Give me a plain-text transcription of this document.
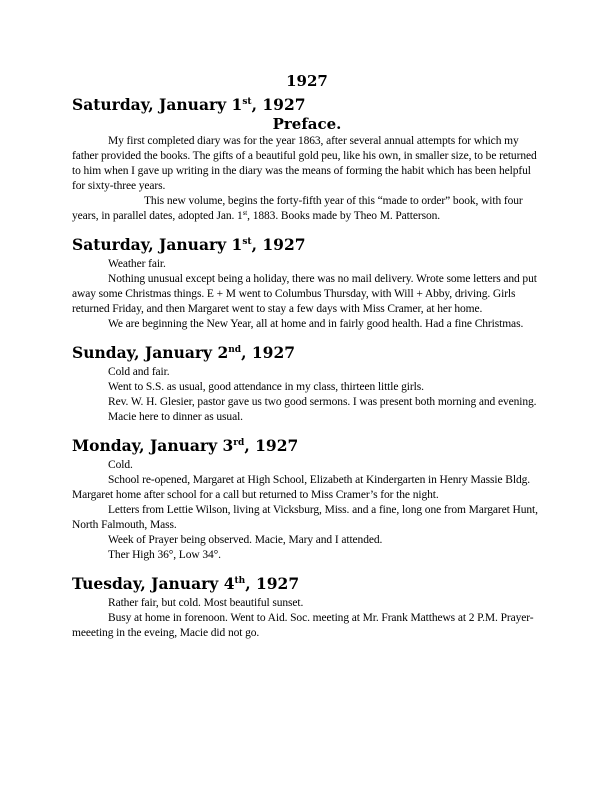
1927
Saturday, January 1st, 1927
Preface.

My first completed diary was for the year 1863, after several annual attempts for which my father provided the books. The gifts of a beautiful gold peu, like his own, in smaller size, to be returned to him when I gave up writing in the diary was the means of forming the habit which has been helpful for sixty-three years.

This new volume, begins the forty-fifth year of this “made to order” book, with four years, in parallel dates, adopted Jan. 1st, 1883. Books made by Theo M. Patterson.

Saturday, January 1st, 1927

Weather fair.

Nothing unusual except being a holiday, there was no mail delivery. Wrote some letters and put away some Christmas things. E + M went to Columbus Thursday, with Will + Abby, driving. Girls returned Friday, and then Margaret went to stay a few days with Miss Cramer, at her home.

We are beginning the New Year, all at home and in fairly good health. Had a fine Christmas.

Sunday, January 2nd, 1927

Cold and fair.

Went to S.S. as usual, good attendance in my class, thirteen little girls.

Rev. W. H. Glesier, pastor gave us two good sermons. I was present both morning and evening.

Macie here to dinner as usual.

Monday, January 3rd, 1927

Cold.

School re-opened, Margaret at High School, Elizabeth at Kindergarten in Henry Massie Bldg. Margaret home after school for a call but returned to Miss Cramer’s for the night.

Letters from Lettie Wilson, living at Vicksburg, Miss. and a fine, long one from Margaret Hunt, North Falmouth, Mass.

Week of Prayer being observed. Macie, Mary and I attended.

Ther High 36°, Low 34°.

Tuesday, January 4th, 1927

Rather fair, but cold. Most beautiful sunset.

Busy at home in forenoon. Went to Aid. Soc. meeting at Mr. Frank Matthews at 2 P.M. Prayer-meeeting in the eveing, Macie did not go.
